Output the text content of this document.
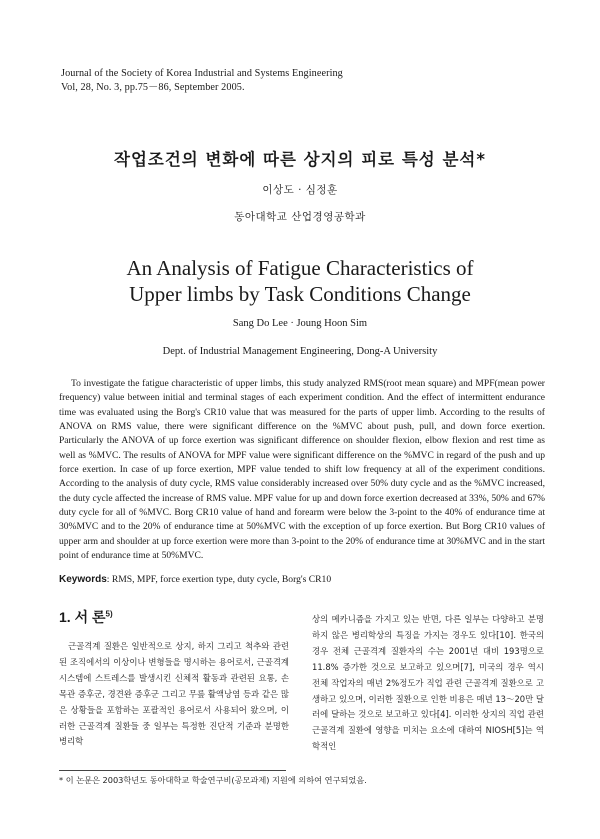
Journal of the Society of Korea Industrial and Systems Engineering
Vol, 28, No. 3, pp.75－86, September 2005.
작업조건의 변화에 따른 상지의 피로 특성 분석*
이상도 · 심정훈
동아대학교 산업경영공학과
An Analysis of Fatigue Characteristics of
Upper limbs by Task Conditions Change
Sang Do Lee · Joung Hoon Sim
Dept. of Industrial Management Engineering, Dong-A University

To investigate the fatigue characteristic of upper limbs, this study analyzed RMS(root mean square) and MPF(mean power frequency) value between initial and terminal stages of each experiment condition. And the effect of intermittent endurance time was evaluated using the Borg's CR10 value that was measured for the parts of upper limb. According to the results of ANOVA on RMS value, there were significant difference on the %MVC about push, pull, and down force exertion. Particularly the ANOVA of up force exertion was significant difference on shoulder flexion, elbow flexion and rest time as well as %MVC. The results of ANOVA for MPF value were significant difference on the %MVC in regard of the push and up force exertion. In case of up force exertion, MPF value tended to shift low frequency at all of the experiment conditions. According to the analysis of duty cycle, RMS value considerably increased over 50% duty cycle and as the %MVC increased, the duty cycle affected the increase of RMS value. MPF value for up and down force exertion decreased at 33%, 50% and 67% duty cycle for all of %MVC. Borg CR10 value of hand and forearm were below the 3-point to the 40% of endurance time at 30%MVC and to the 20% of endurance time at 50%MVC with the exception of up force exertion. But Borg CR10 values of upper arm and shoulder at up force exertion were more than 3-point to the 20% of endurance time at 30%MVC and in the start point of endurance time at 50%MVC.

Keywords: RMS, MPF, force exertion type, duty cycle, Borg's CR10
1. 서 론$^{5)}$

근골격계 질환은 일반적으로 상지, 하지 그리고 척추와 관련된 조직에서의 이상이나 변형들을 명시하는 용어로서, 근골격계 시스템에 스트레스를 발생시킨 신체적 활동과 관련된 요통, 손목관 증후군, 경견완 증후군 그리고 무릎 활액낭염 등과 같은 많은 상황들을 포함하는 포괄적인 용어로서 사용되어 왔으며, 이러한 근골격계 질환들 중 일부는 특정한 진단적 기준과 분명한 병리학

상의 메카니즘을 가지고 있는 반면, 다른 일부는 다양하고 분명하지 않은 병리학상의 특징을 가지는 경우도 있다[10]. 한국의 경우 전체 근골격계 질환자의 수는 2001년 대비 193명으로 11.8% 증가한 것으로 보고하고 있으며[7], 미국의 경우 역시 전체 작업자의 매년 2%정도가 직업 관련 근골격계 질환으로 고생하고 있으며, 이러한 질환으로 인한 비용은 매년 13～20만 달러에 달하는 것으로 보고하고 있다[4]. 이러한 상지의 직업 관련 근골격계 질환에 영향을 미치는 요소에 대하여 NIOSH[5]는 역학적인

* 이 논문은 2003학년도 동아대학교 학술연구비(공모과제) 지원에 의하여 연구되었음.
